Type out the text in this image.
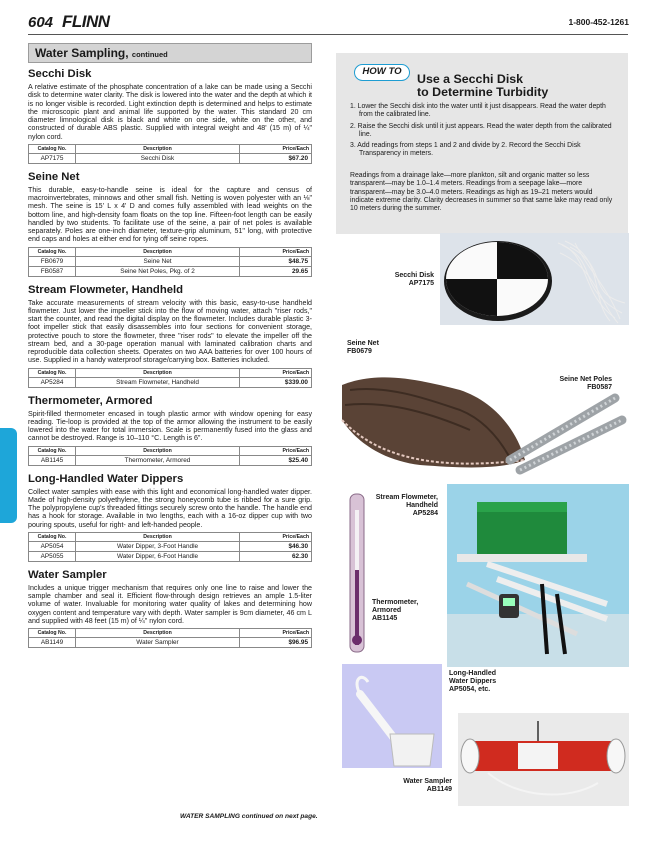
604 FLINN	1-800-452-1261
Water Sampling, continued
Secchi Disk

A relative estimate of the phosphate concentration of a lake can be made using a Secchi disk to determine water clarity. The disk is lowered into the water and the depth at which it is no longer visible is recorded. Light extinction depth is determined and helps to estimate the microscopic plant and animal life supported by the water. This standard 20 cm diameter limnological disk is black and white on one side, white on the other, and constructed of durable ABS plastic. Supplied with integral weight and 48' (15 m) of ¼" nylon cord.

Catalog No.	Description	Price/Each
AP7175	Secchi Disk	$67.20
Seine Net

This durable, easy-to-handle seine is ideal for the capture and census of macroinvertebrates, minnows and other small fish. Netting is woven polyester with an ⅛" mesh. The seine is 15' L x 4' D and comes fully assembled with lead weights on the bottom line, and high-density foam floats on the top line. Fifteen-foot length can be easily handled by two students. To facilitate use of the seine, a pair of net poles is available separately. Poles are one-inch diameter, texture-grip aluminum, 51" long, with protective end caps and holes at either end for tying off seine ropes.

Catalog No.	Description	Price/Each
FB0679	Seine Net	$48.75
FB0587	Seine Net Poles, Pkg. of 2	29.65
Stream Flowmeter, Handheld

Take accurate measurements of stream velocity with this basic, easy-to-use handheld flowmeter. Just lower the impeller stick into the flow of moving water, attach "riser rods," start the counter, and read the digital display on the flowmeter. Includes durable plastic 3-foot impeller stick that easily disassembles into four sections for convenient storage, protective pouch to store the flowmeter, three "riser rods" to elevate the impeller off the stream bed, and a 30-page operation manual with laminated calibration charts and reproducible data collection sheets. Operates on two AAA batteries for over 100 hours of use. Supplied in a handy waterproof storage/carrying box. Batteries included.

Catalog No.	Description	Price/Each
AP5284	Stream Flowmeter, Handheld	$339.00
Thermometer, Armored

Spirit-filled thermometer encased in tough plastic armor with window opening for easy reading. Tie-loop is provided at the top of the armor allowing the instrument to be easily lowered into the water for total immersion. Scale is permanently fused into the glass and cannot be destroyed. Range is 10–110 °C. Length is 6".

Catalog No.	Description	Price/Each
AB1145	Thermometer, Armored	$25.40
Long-Handled Water Dippers

Collect water samples with ease with this light and economical long-handled water dipper. Made of high-density polyethylene, the strong honeycomb tube is ribbed for a sure grip. The polypropylene cup's threaded fittings securely screw onto the handle. The handle end has a hook for storage. Available in two lengths, each with a 16-oz dipper cup with two pouring spouts, useful for right- and left-handed people.

Catalog No.	Description	Price/Each
AP5054	Water Dipper, 3-Foot Handle	$46.30
AP5055	Water Dipper, 6-Foot Handle	62.30
Water Sampler

Includes a unique trigger mechanism that requires only one line to raise and lower the sample chamber and seal it. Efficient flow-through design retrieves an ample 1.5-liter volume of water. Invaluable for monitoring water quality of lakes and determining how oxygen content and temperature vary with depth. Water sampler is 9cm diameter, 46 cm L and supplied with 48 feet (15 m) of ¼" nylon cord.

Catalog No.	Description	Price/Each
AB1149	Water Sampler	$96.95
WATER SAMPLING continued on next page.
HOW TO
Use a Secchi Disk
to Determine Turbidity
1. Lower the Secchi disk into the water until it just disappears. Read the water depth from the calibrated line.
2. Raise the Secchi disk until it just appears. Read the water depth from the calibrated line.
3. Add readings from steps 1 and 2 and divide by 2. Record the Secchi Disk Transparency in meters.
Readings from a drainage lake—more plankton, silt and organic matter so less transparent—may be 1.0–1.4 meters. Readings from a seepage lake—more transparent—may be 3.0–4.0 meters. Readings as high as 19–21 meters would indicate extreme clarity. Clarity decreases in summer so that same lake may read only 10 meters during the summer.
Secchi Disk
AP7175
Seine Net
FB0679
Seine Net Poles
FB0587
Stream Flowmeter,
Handheld
AP5284
Thermometer,
Armored
AB1145
Long-Handled
Water Dippers
AP5054, etc.
Water Sampler
AB1149
